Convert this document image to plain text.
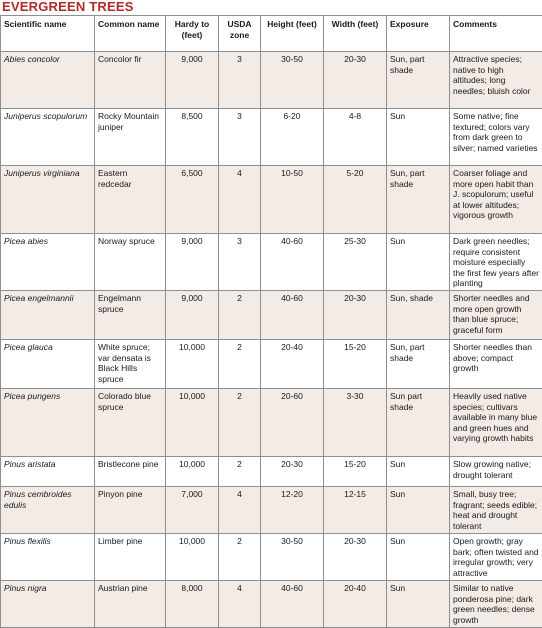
EVERGREEN TREES
Scientific name	Common name	Hardy to (feet)	USDA zone	Height (feet)	Width (feet)	Exposure	Comments
Abies concolor	Concolor fir	9,000	3	30-50	20-30	Sun, part shade	Attractive species; native to high altitudes; long needles; bluish color
Juniperus scopulorum	Rocky Mountain juniper	8,500	3	6-20	4-8	Sun	Some native; fine textured; colors vary from dark green to silver; named varieties
Juniperus virginiana	Eastern redcedar	6,500	4	10-50	5-20	Sun, part shade	Coarser foliage and more open habit than J. scopulorum; useful at lower altitudes; vigorous growth
Picea abies	Norway spruce	9,000	3	40-60	25-30	Sun	Dark green needles; require consistent moisture especially the first few years after planting
Picea engelmannii	Engelmann spruce	9,000	2	40-60	20-30	Sun, shade	Shorter needles and more open growth than blue spruce; graceful form
Picea glauca	White spruce; var densata is Black Hills spruce	10,000	2	20-40	15-20	Sun, part shade	Shorter needles than above; compact growth
Picea pungens	Colorado blue spruce	10,000	2	20-60	3-30	Sun part shade	Heavily used native species; cultivars available in many blue and green hues and varying growth habits
Pinus aristata	Bristlecone pine	10,000	2	20-30	15-20	Sun	Slow growing native; drought tolerant
Pinus cembroides edulis	Pinyon pine	7,000	4	12-20	12-15	Sun	Small, busy tree; fragrant; seeds edible; heat and drought tolerant
Pinus flexilis	Limber pine	10,000	2	30-50	20-30	Sun	Open growth; gray bark; often twisted and irregular growth; very attractive
Pinus nigra	Austrian pine	8,000	4	40-60	20-40	Sun	Similar to native ponderosa pine; dark green needles; dense growth
